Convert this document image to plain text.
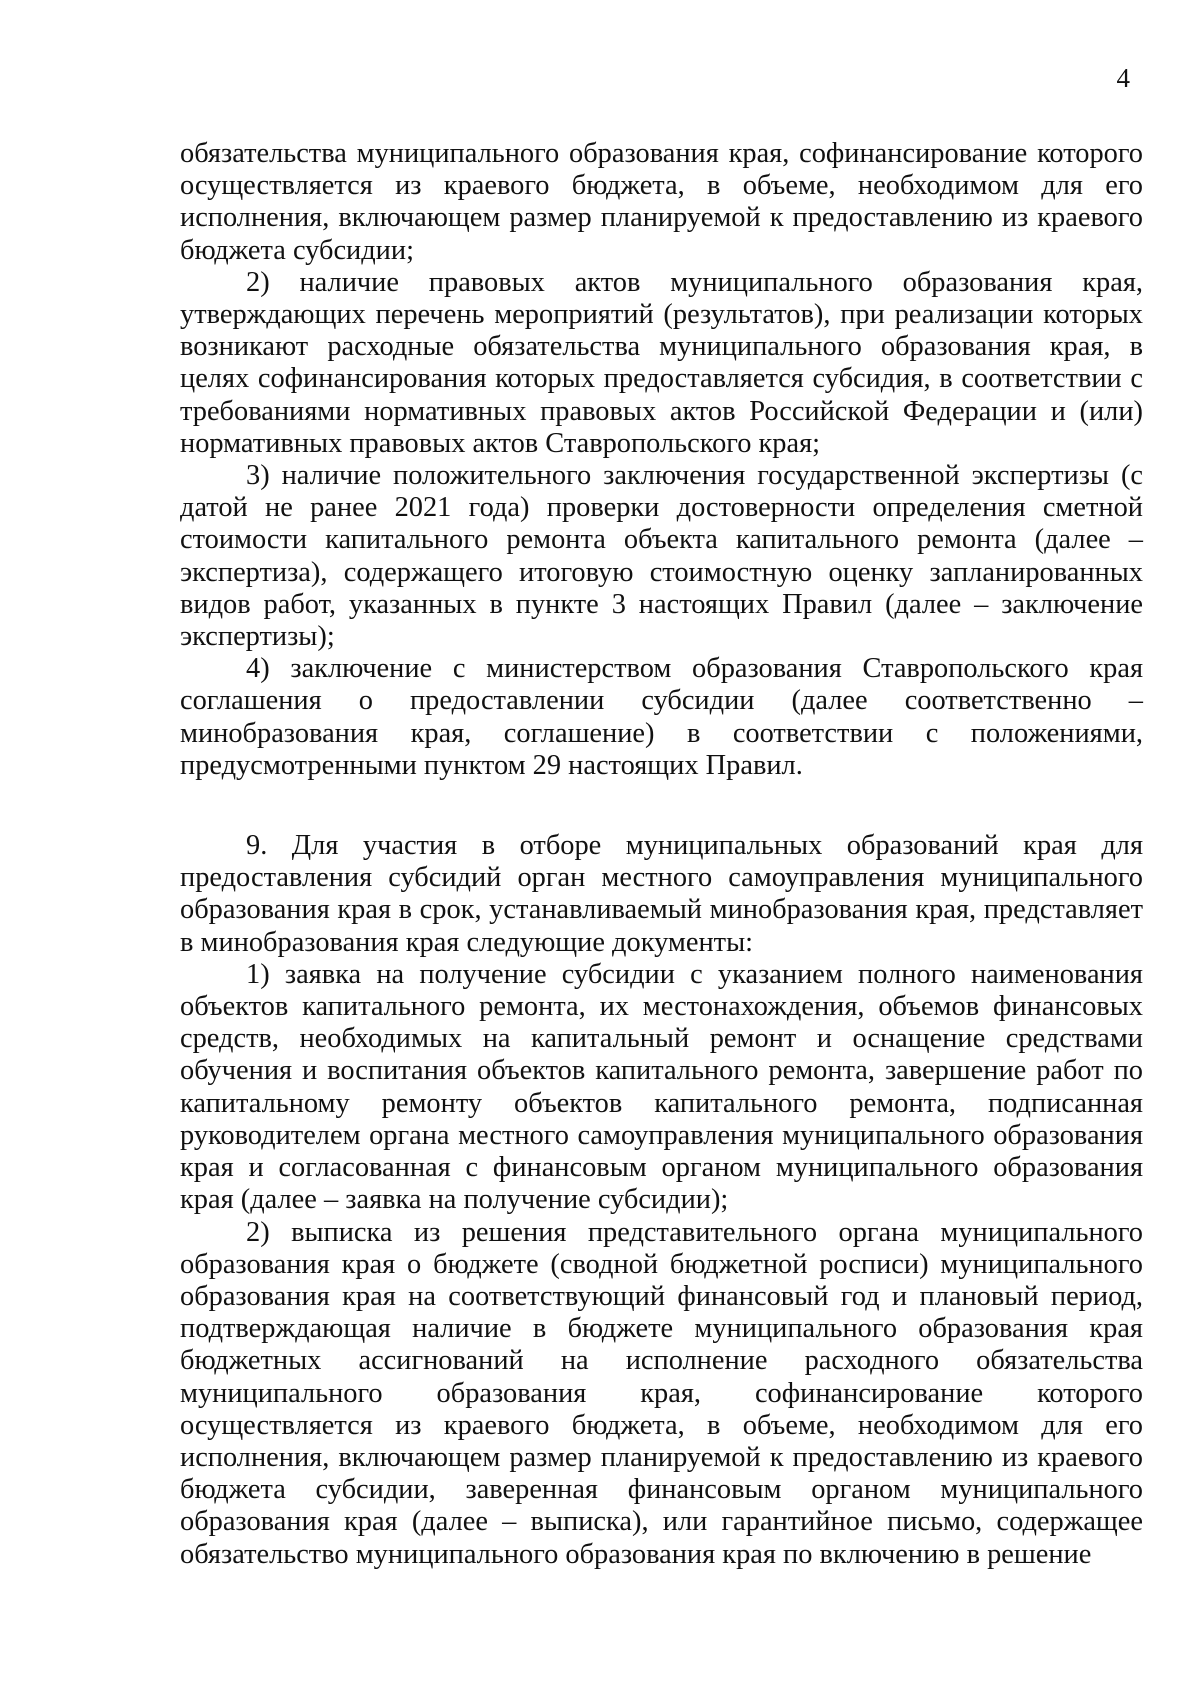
4

обязательства муниципального образования края, софинансирование которого осуществляется из краевого бюджета, в объеме, необходимом для его исполнения, включающем размер планируемой к предоставлению из краевого бюджета субсидии;

2) наличие правовых актов муниципального образования края, утверждающих перечень мероприятий (результатов), при реализации которых возникают расходные обязательства муниципального образования края, в целях софинансирования которых предоставляется субсидия, в соответствии с требованиями нормативных правовых актов Российской Федерации и (или) нормативных правовых актов Ставропольского края;

3) наличие положительного заключения государственной экспертизы (с датой не ранее 2021 года) проверки достоверности определения сметной стоимости капитального ремонта объекта капитального ремонта (далее – экспертиза), содержащего итоговую стоимостную оценку запланированных видов работ, указанных в пункте 3 настоящих Правил (далее – заключение экспертизы);

4) заключение с министерством образования Ставропольского края соглашения о предоставлении субсидии (далее соответственно – минобразования края, соглашение) в соответствии с положениями, предусмотренными пунктом 29 настоящих Правил.

9. Для участия в отборе муниципальных образований края для предоставления субсидий орган местного самоуправления муниципального образования края в срок, устанавливаемый минобразования края, представляет в минобразования края следующие документы:

1) заявка на получение субсидии с указанием полного наименования объектов капитального ремонта, их местонахождения, объемов финансовых средств, необходимых на капитальный ремонт и оснащение средствами обучения и воспитания объектов капитального ремонта, завершение работ по капитальному ремонту объектов капитального ремонта, подписанная руководителем органа местного самоуправления муниципального образования края и согласованная с финансовым органом муниципального образования края (далее – заявка на получение субсидии);

2) выписка из решения представительного органа муниципального образования края о бюджете (сводной бюджетной росписи) муниципального образования края на соответствующий финансовый год и плановый период, подтверждающая наличие в бюджете муниципального образования края бюджетных ассигнований на исполнение расходного обязательства муниципального образования края, софинансирование которого осуществляется из краевого бюджета, в объеме, необходимом для его исполнения, включающем размер планируемой к предоставлению из краевого бюджета субсидии, заверенная финансовым органом муниципального образования края (далее – выписка), или гарантийное письмо, содержащее обязательство муниципального образования края по включению в решение
